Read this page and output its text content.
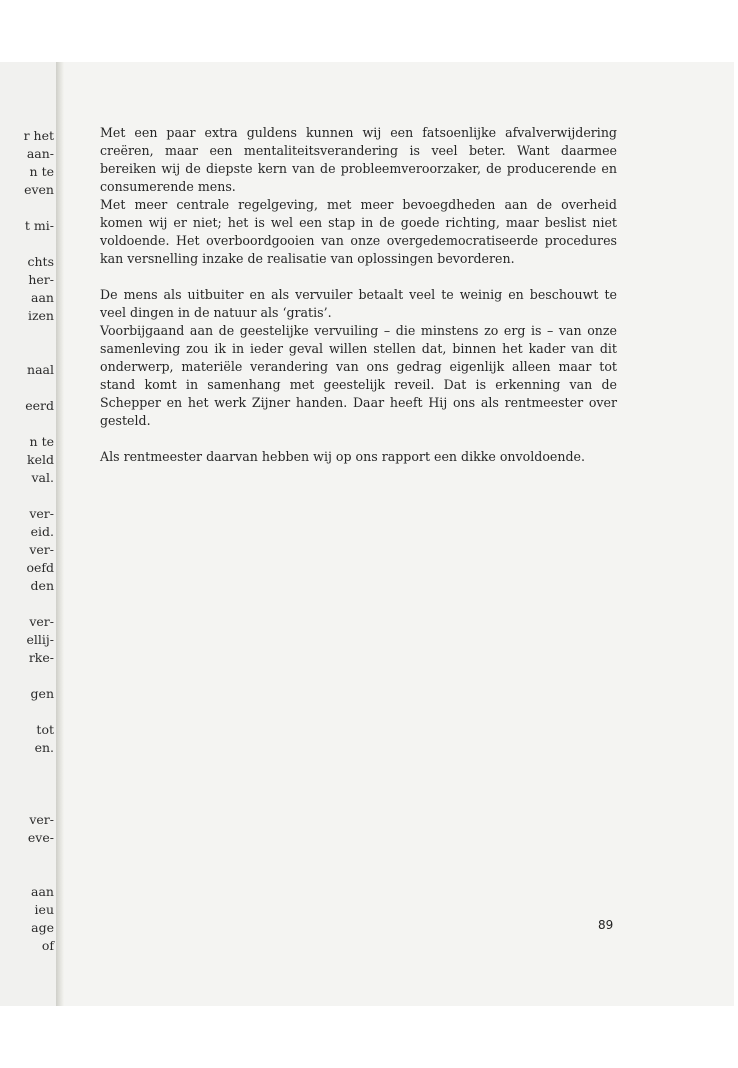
r het
aan-
n te
even
t mi-
chts
her-
aan
izen
naal
eerd
n te
keld
val.
ver-
eid.
ver-
oefd
den
ver-
ellij-
rke-
gen
tot
en.
ver-
eve-
aan
ieu
age
of

Met een paar extra guldens kunnen wij een fatsoenlijke afvalverwijdering creëren, maar een mentaliteitsverandering is veel beter. Want daarmee bereiken wij de diepste kern van de probleemveroorzaker, de producerende en consumerende mens.

Met meer centrale regelgeving, met meer bevoegdheden aan de overheid komen wij er niet; het is wel een stap in de goede richting, maar beslist niet voldoende. Het overboordgooien van onze overgedemocratiseerde procedures kan versnelling inzake de realisatie van oplossingen bevorderen.

De mens als uitbuiter en als vervuiler betaalt veel te weinig en beschouwt te veel dingen in de natuur als ‘gratis’.

Voorbijgaand aan de geestelijke vervuiling – die minstens zo erg is – van onze samenleving zou ik in ieder geval willen stellen dat, binnen het kader van dit onderwerp, materiële verandering van ons gedrag eigenlijk alleen maar tot stand komt in samenhang met geestelijk reveil. Dat is erkenning van de Schepper en het werk Zijner handen. Daar heeft Hij ons als rentmeester over gesteld.

Als rentmeester daarvan hebben wij op ons rapport een dikke onvoldoende.

89
